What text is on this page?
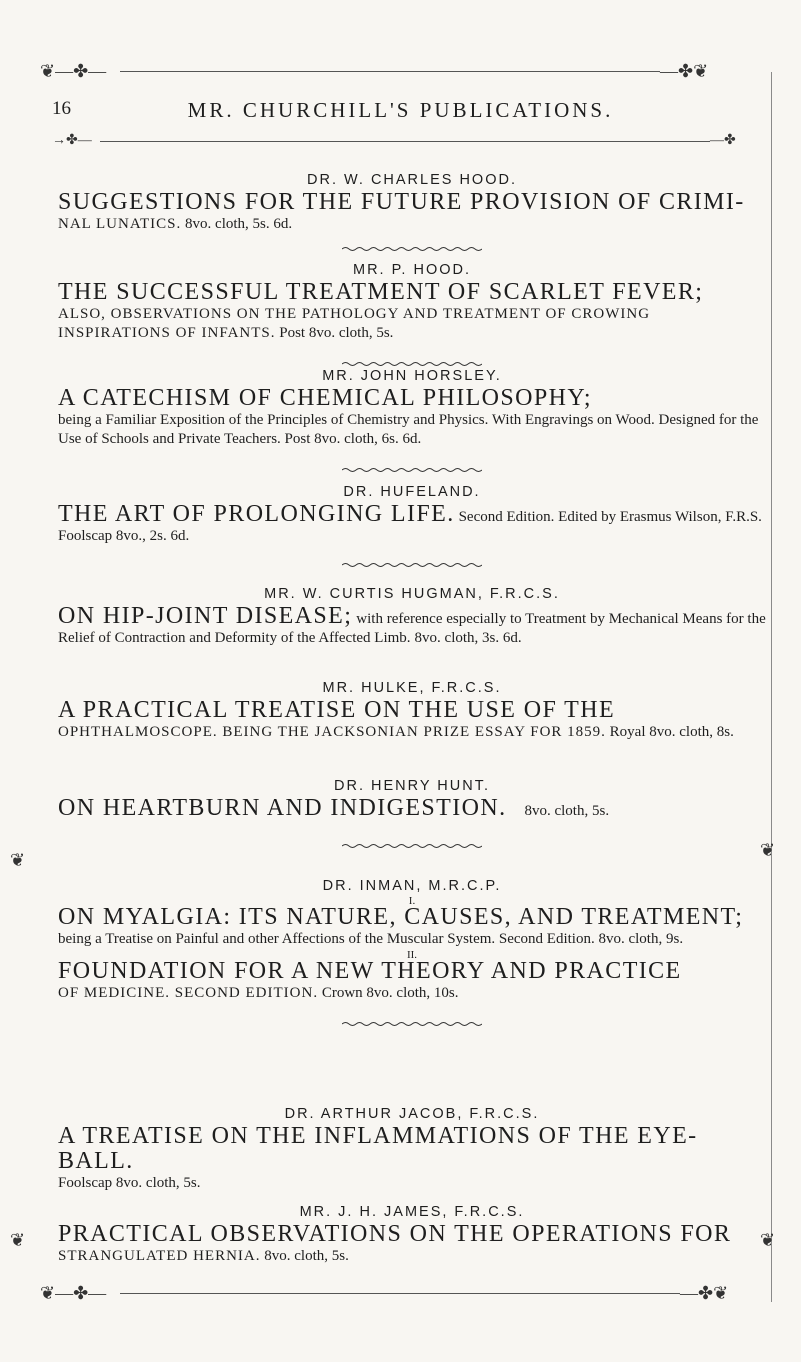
❦—✤—	—✤❦
16	MR. CHURCHILL'S PUBLICATIONS.
→✤—	—✤
❦
❦
❦
❦
DR. W. CHARLES HOOD.
SUGGESTIONS FOR THE FUTURE PROVISION OF CRIMI-
NAL LUNATICS. 8vo. cloth, 5s. 6d.
MR. P. HOOD.
THE SUCCESSFUL TREATMENT OF SCARLET FEVER;
ALSO, OBSERVATIONS ON THE PATHOLOGY AND TREATMENT OF CROWING INSPIRATIONS OF INFANTS. Post 8vo. cloth, 5s.
MR. JOHN HORSLEY.
A CATECHISM OF CHEMICAL PHILOSOPHY;
being a Familiar Exposition of the Principles of Chemistry and Physics. With Engravings on Wood. Designed for the Use of Schools and Private Teachers. Post 8vo. cloth, 6s. 6d.
DR. HUFELAND.
THE ART OF PROLONGING LIFE. Second Edition. Edited by Erasmus Wilson, F.R.S. Foolscap 8vo., 2s. 6d.
MR. W. CURTIS HUGMAN, F.R.C.S.
ON HIP-JOINT DISEASE; with reference especially to Treatment by Mechanical Means for the Relief of Contraction and Deformity of the Affected Limb. 8vo. cloth, 3s. 6d.
MR. HULKE, F.R.C.S.
A PRACTICAL TREATISE ON THE USE OF THE
OPHTHALMOSCOPE. BEING THE JACKSONIAN PRIZE ESSAY FOR 1859. Royal 8vo. cloth, 8s.
DR. HENRY HUNT.
ON HEARTBURN AND INDIGESTION. 8vo. cloth, 5s.
DR. INMAN, M.R.C.P.
I.
ON MYALGIA: ITS NATURE, CAUSES, AND TREATMENT;
being a Treatise on Painful and other Affections of the Muscular System. Second Edition. 8vo. cloth, 9s.
II.
FOUNDATION FOR A NEW THEORY AND PRACTICE
OF MEDICINE. SECOND EDITION. Crown 8vo. cloth, 10s.
DR. ARTHUR JACOB, F.R.C.S.
A TREATISE ON THE INFLAMMATIONS OF THE EYE-BALL.
Foolscap 8vo. cloth, 5s.
MR. J. H. JAMES, F.R.C.S.
PRACTICAL OBSERVATIONS ON THE OPERATIONS FOR
STRANGULATED HERNIA. 8vo. cloth, 5s.
❦—✤—	—✤❦
